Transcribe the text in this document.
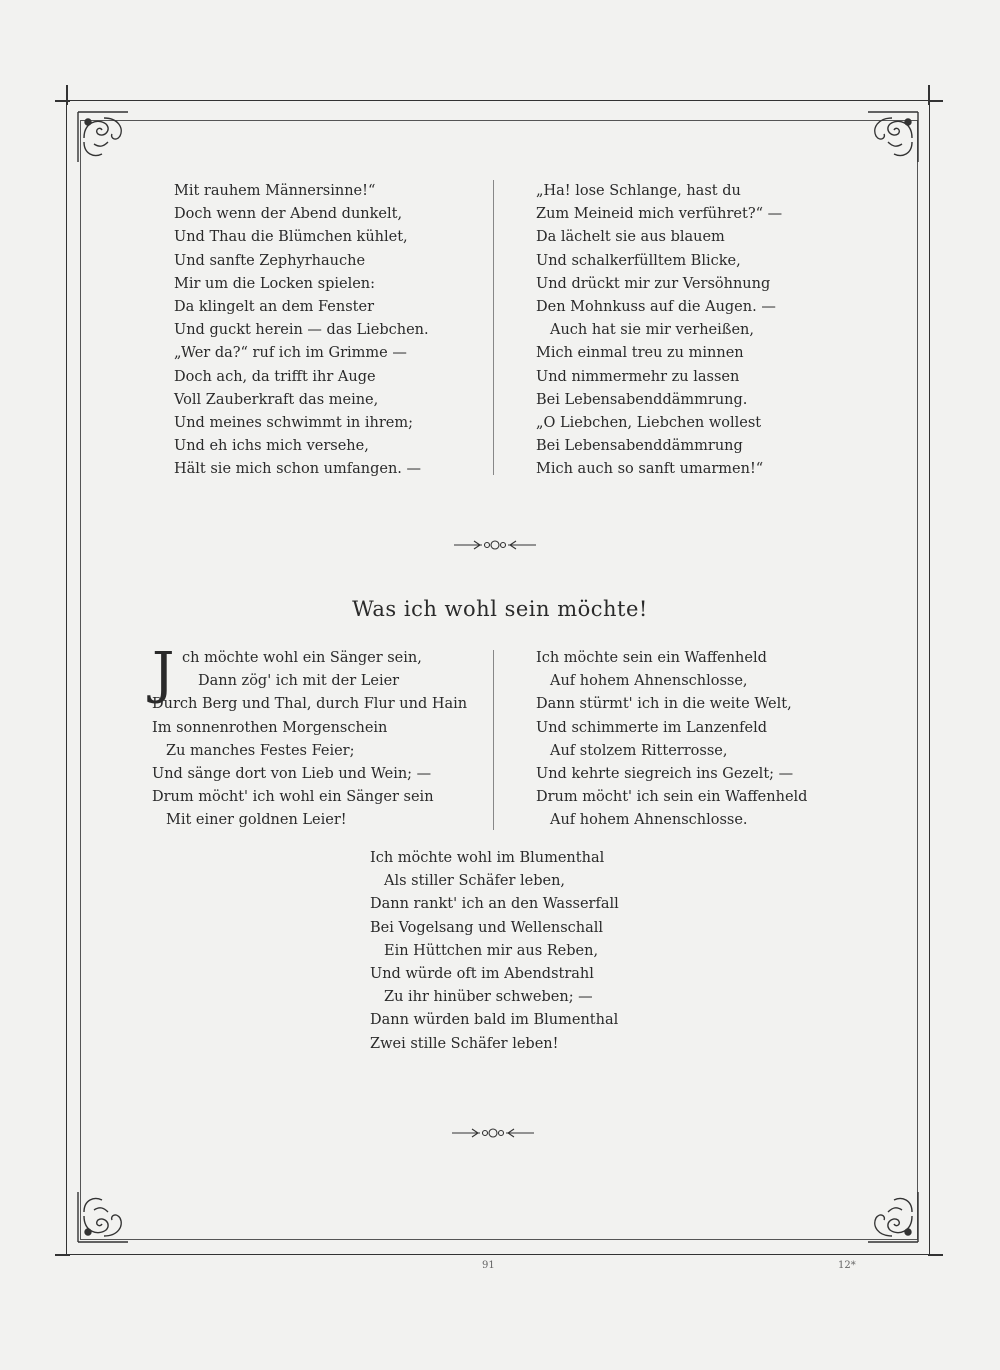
Mit rauhem Männersinne!“
Doch wenn der Abend dunkelt,
Und Thau die Blümchen kühlet,
Und sanfte Zephyrhauche
Mir um die Locken spielen:
Da klingelt an dem Fenster
Und guckt herein — das Liebchen.
„Wer da?“ ruf ich im Grimme —
Doch ach, da trifft ihr Auge
Voll Zauberkraft das meine,
Und meines schwimmt in ihrem;
Und eh ichs mich versehe,
Hält sie mich schon umfangen. —
„Ha! lose Schlange, hast du
Zum Meineid mich verführet?“ —
Da lächelt sie aus blauem
Und schalkerfülltem Blicke,
Und drückt mir zur Versöhnung
Den Mohnkuss auf die Augen. —
Auch hat sie mir verheißen,
Mich einmal treu zu minnen
Und nimmermehr zu lassen
Bei Lebensabenddämmrung.
„O Liebchen, Liebchen wollest
Bei Lebensabenddämmrung
Mich auch so sanft umarmen!“
Was ich wohl sein möchte!
J ch möchte wohl ein Sänger sein,
Dann zög' ich mit der Leier
Durch Berg und Thal, durch Flur und Hain
Im sonnenrothen Morgenschein
Zu manches Festes Feier;
Und sänge dort von Lieb und Wein; —
Drum möcht' ich wohl ein Sänger sein
Mit einer goldnen Leier!
Ich möchte sein ein Waffenheld
Auf hohem Ahnenschlosse,
Dann stürmt' ich in die weite Welt,
Und schimmerte im Lanzenfeld
Auf stolzem Ritterrosse,
Und kehrte siegreich ins Gezelt; —
Drum möcht' ich sein ein Waffenheld
Auf hohem Ahnenschlosse.
Ich möchte wohl im Blumenthal
Als stiller Schäfer leben,
Dann rankt' ich an den Wasserfall
Bei Vogelsang und Wellenschall
Ein Hüttchen mir aus Reben,
Und würde oft im Abendstrahl
Zu ihr hinüber schweben; —
Dann würden bald im Blumenthal
Zwei stille Schäfer leben!
91	12*
